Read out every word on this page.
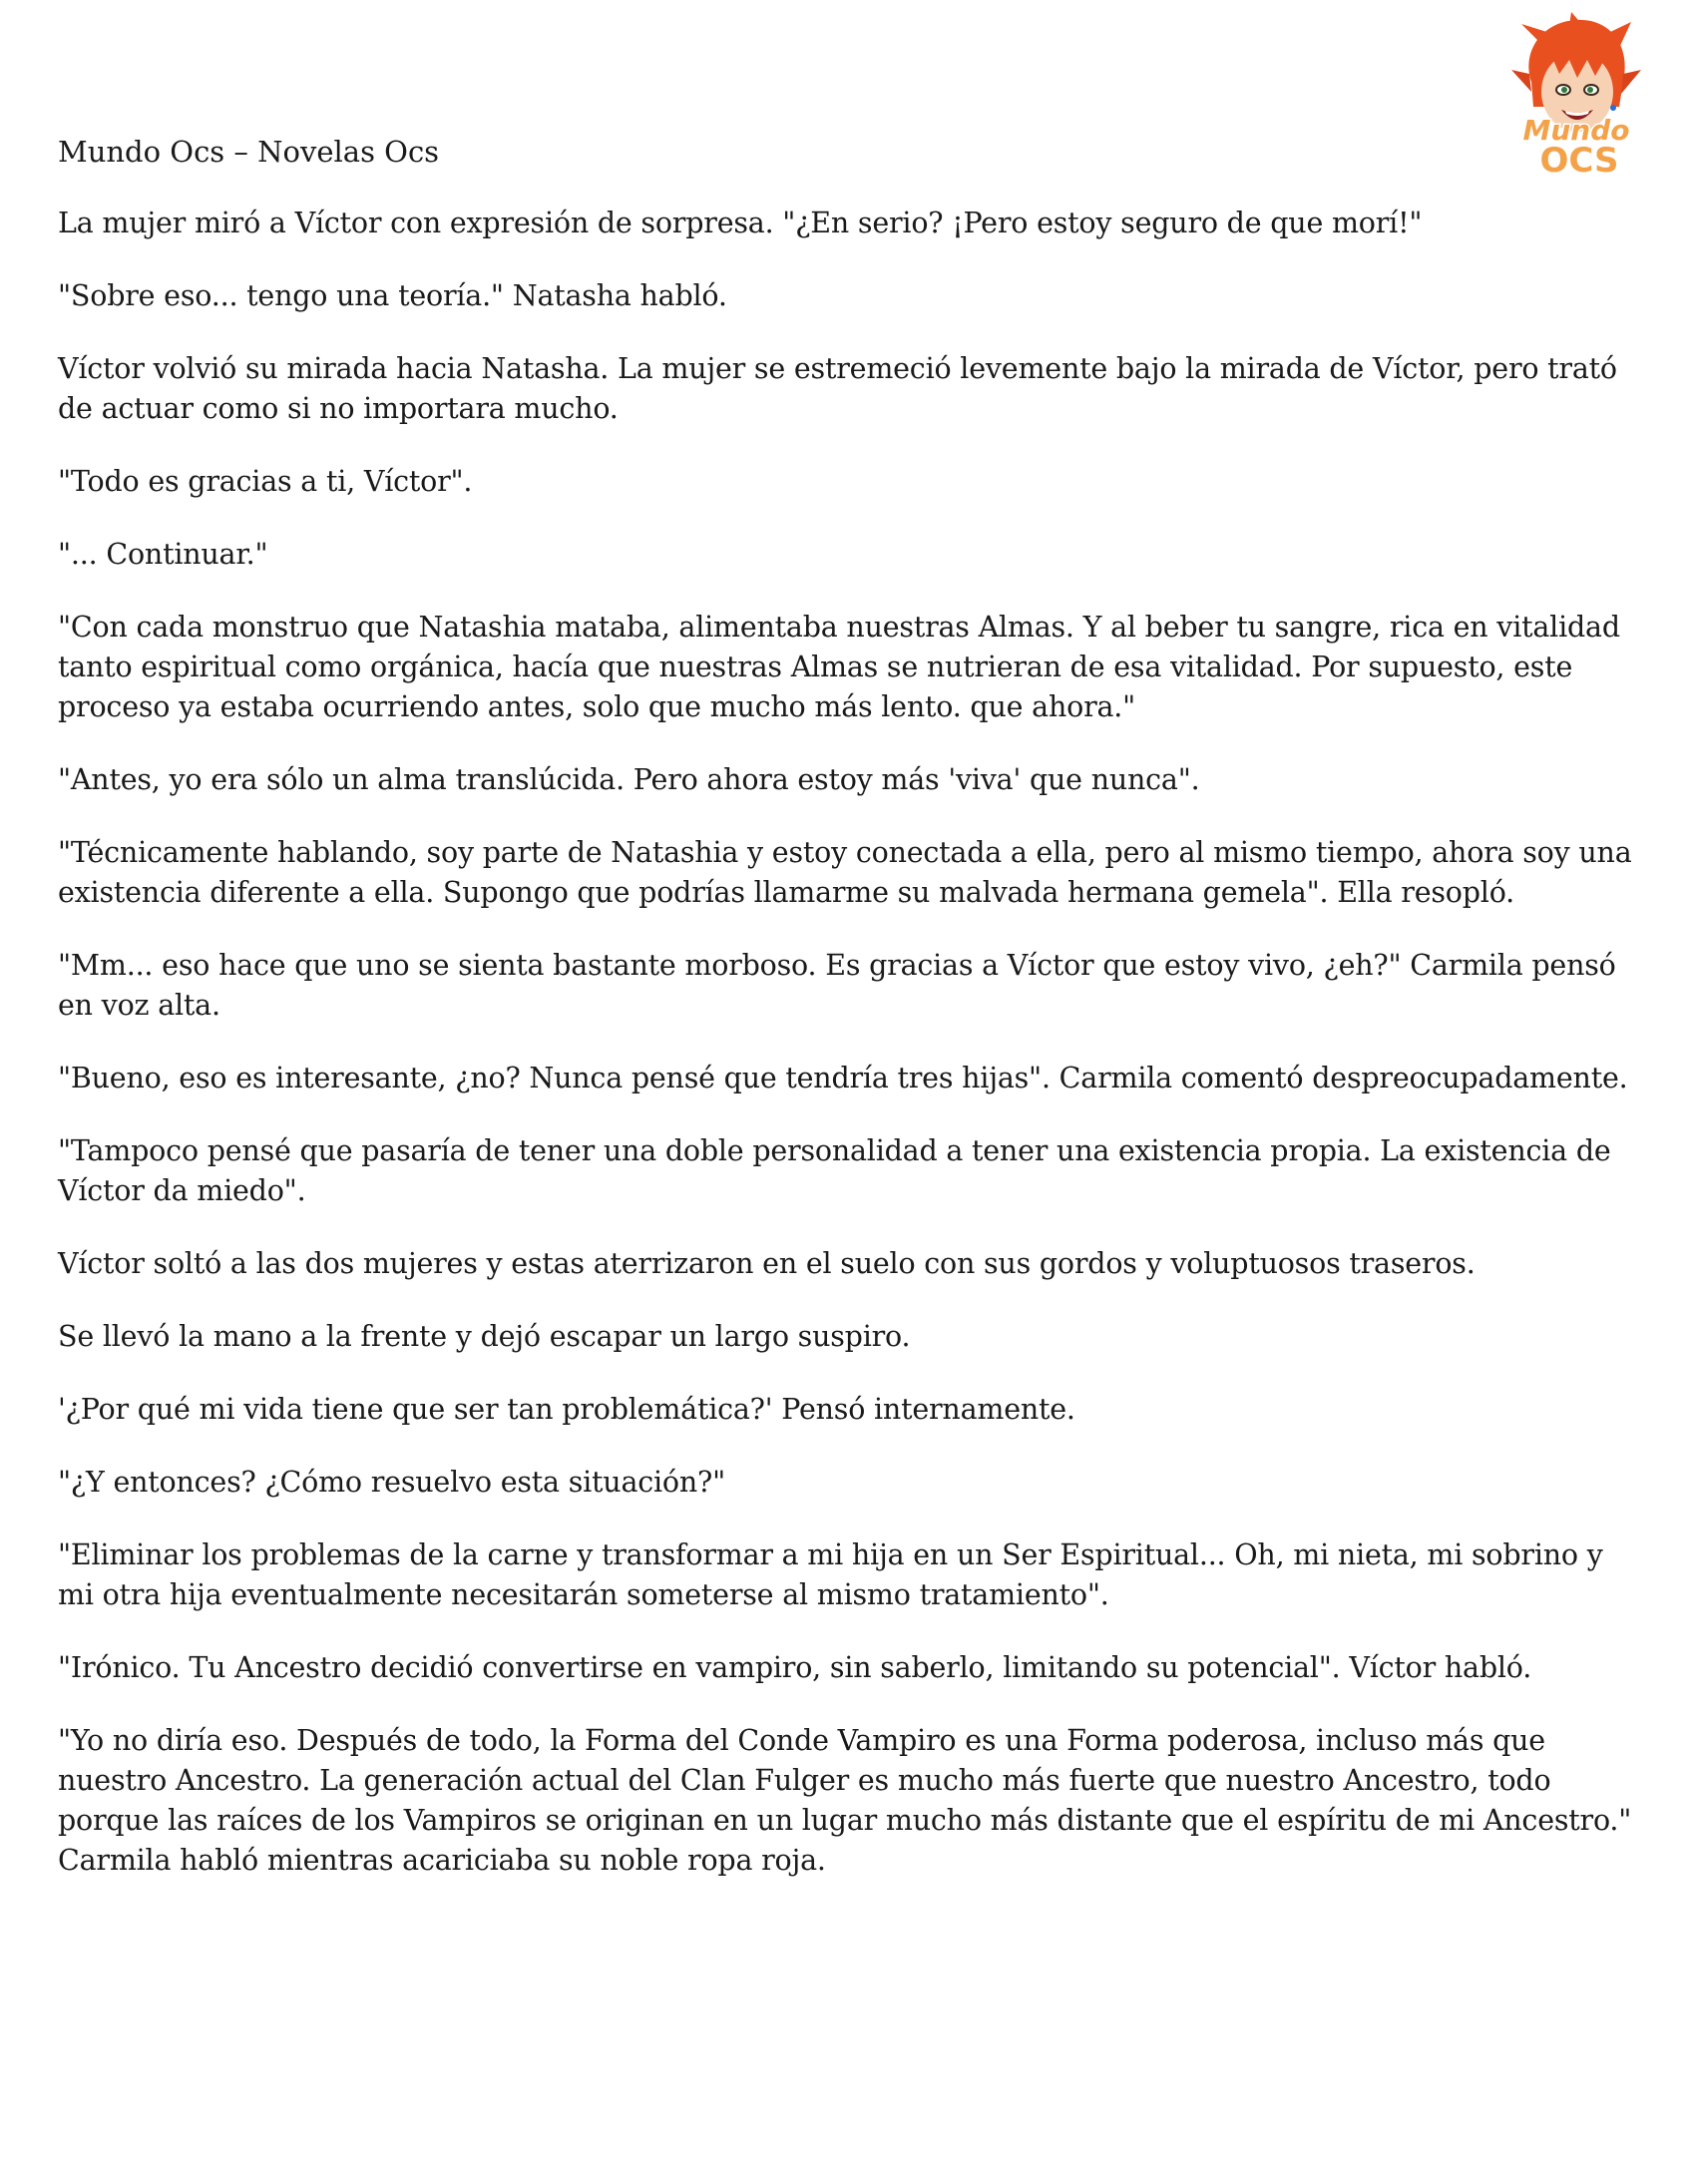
Mundo Ocs – Novelas Ocs
Mundo
OCS

La mujer miró a Víctor con expresión de sorpresa. "¿En serio? ¡Pero estoy seguro de que morí!"

"Sobre eso... tengo una teoría." Natasha habló.

Víctor volvió su mirada hacia Natasha. La mujer se estremeció levemente bajo la mirada de Víctor, pero trató de actuar como si no importara mucho.

"Todo es gracias a ti, Víctor".

"... Continuar."

"Con cada monstruo que Natashia mataba, alimentaba nuestras Almas. Y al beber tu sangre, rica en vitalidad tanto espiritual como orgánica, hacía que nuestras Almas se nutrieran de esa vitalidad. Por supuesto, este proceso ya estaba ocurriendo antes, solo que mucho más lento. que ahora."

"Antes, yo era sólo un alma translúcida. Pero ahora estoy más 'viva' que nunca".

"Técnicamente hablando, soy parte de Natashia y estoy conectada a ella, pero al mismo tiempo, ahora soy una existencia diferente a ella. Supongo que podrías llamarme su malvada hermana gemela". Ella resopló.

"Mm... eso hace que uno se sienta bastante morboso. Es gracias a Víctor que estoy vivo, ¿eh?" Carmila pensó en voz alta.

"Bueno, eso es interesante, ¿no? Nunca pensé que tendría tres hijas". Carmila comentó despreocupadamente.

"Tampoco pensé que pasaría de tener una doble personalidad a tener una existencia propia. La existencia de Víctor da miedo".

Víctor soltó a las dos mujeres y estas aterrizaron en el suelo con sus gordos y voluptuosos traseros.

Se llevó la mano a la frente y dejó escapar un largo suspiro.

'¿Por qué mi vida tiene que ser tan problemática?' Pensó internamente.

"¿Y entonces? ¿Cómo resuelvo esta situación?"

"Eliminar los problemas de la carne y transformar a mi hija en un Ser Espiritual... Oh, mi nieta, mi sobrino y mi otra hija eventualmente necesitarán someterse al mismo tratamiento".

"Irónico. Tu Ancestro decidió convertirse en vampiro, sin saberlo, limitando su potencial". Víctor habló.

"Yo no diría eso. Después de todo, la Forma del Conde Vampiro es una Forma poderosa, incluso más que nuestro Ancestro. La generación actual del Clan Fulger es mucho más fuerte que nuestro Ancestro, todo porque las raíces de los Vampiros se originan en un lugar mucho más distante que el espíritu de mi Ancestro." Carmila habló mientras acariciaba su noble ropa roja.
